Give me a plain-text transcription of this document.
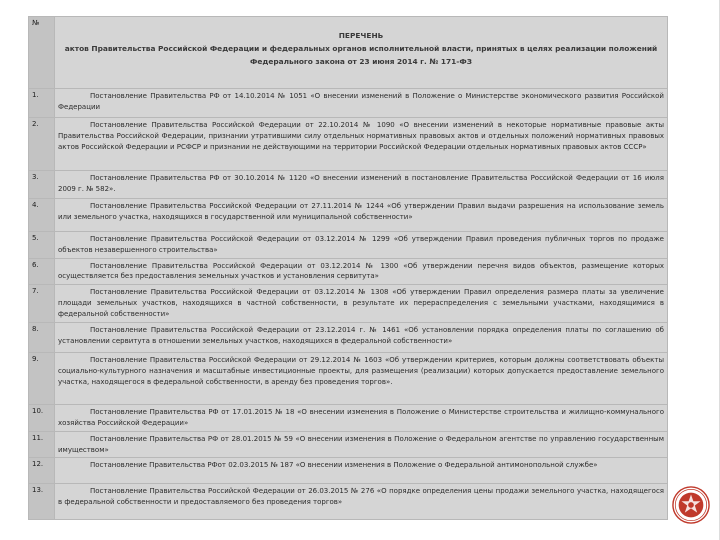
№	ПЕРЕЧЕНЬ
актов Правительства Российской Федерации и федеральных органов исполнительной власти, принятых в целях реализации положений Федерального закона от 23 июня 2014 г. № 171-ФЗ

1.	Постановление Правительства РФ от 14.10.2014 № 1051 «О внесении изменений в Положение о Министерстве экономического развития Российской Федерации
2.	Постановление Правительства Российской Федерации от 22.10.2014 № 1090 «О внесении изменений в некоторые нормативные правовые акты Правительства Российской Федерации, признании утратившими силу отдельных нормативных правовых актов и отдельных положений нормативных правовых актов Российской Федерации и РСФСР и признании не действующими на территории Российской Федерации отдельных нормативных правовых актов СССР»
3.	Постановление Правительства РФ от 30.10.2014 № 1120 «О внесении изменений в постановление Правительства Российской Федерации от 16 июля 2009 г. № 582».
4.	Постановление Правительства Российской Федерации от 27.11.2014 № 1244 «Об утверждении Правил выдачи разрешения на использование земель или земельного участка, находящихся в государственной или муниципальной собственности»
5.	Постановление Правительства Российской Федерации от 03.12.2014 № 1299 «Об утверждении Правил проведения публичных торгов по продаже объектов незавершенного строительства»
6.	Постановление Правительства Российской Федерации от 03.12.2014 № 1300 «Об утверждении перечня видов объектов, размещение которых осуществляется без предоставления земельных участков и установления сервитута»
7.	Постановление Правительства Российской Федерации от 03.12.2014 № 1308 «Об утверждении Правил определения размера платы за увеличение площади земельных участков, находящихся в частной собственности, в результате их перераспределения с земельными участками, находящимися в федеральной собственности»
8.	Постановление Правительства Российской Федерации от 23.12.2014 г. № 1461 «Об установлении порядка определения платы по соглашению об установлении сервитута в отношении земельных участков, находящихся в федеральной собственности»
9.	Постановление Правительства Российской Федерации от 29.12.2014 № 1603 «Об утверждении критериев, которым должны соответствовать объекты социально-культурного назначения и масштабные инвестиционные проекты, для размещения (реализации) которых допускается предоставление земельного участка, находящегося в федеральной собственности, в аренду без проведения торгов».
10.	Постановление Правительства РФ от 17.01.2015 № 18 «О внесении изменения в Положение о Министерстве строительства и жилищно-коммунального хозяйства Российской Федерации»
11.	Постановление Правительства РФ от 28.01.2015 № 59 «О внесении изменения в Положение о Федеральном агентстве по управлению государственным имуществом»
12.	Постановление Правительства РФот 02.03.2015 № 187 «О внесении изменения в Положение о Федеральной антимонопольной службе»
13.	Постановление Правительства Российской Федерации от 26.03.2015 № 276 «О порядке определения цены продажи земельного участка, находящегося в федеральной собственности и предоставляемого без проведения торгов»
